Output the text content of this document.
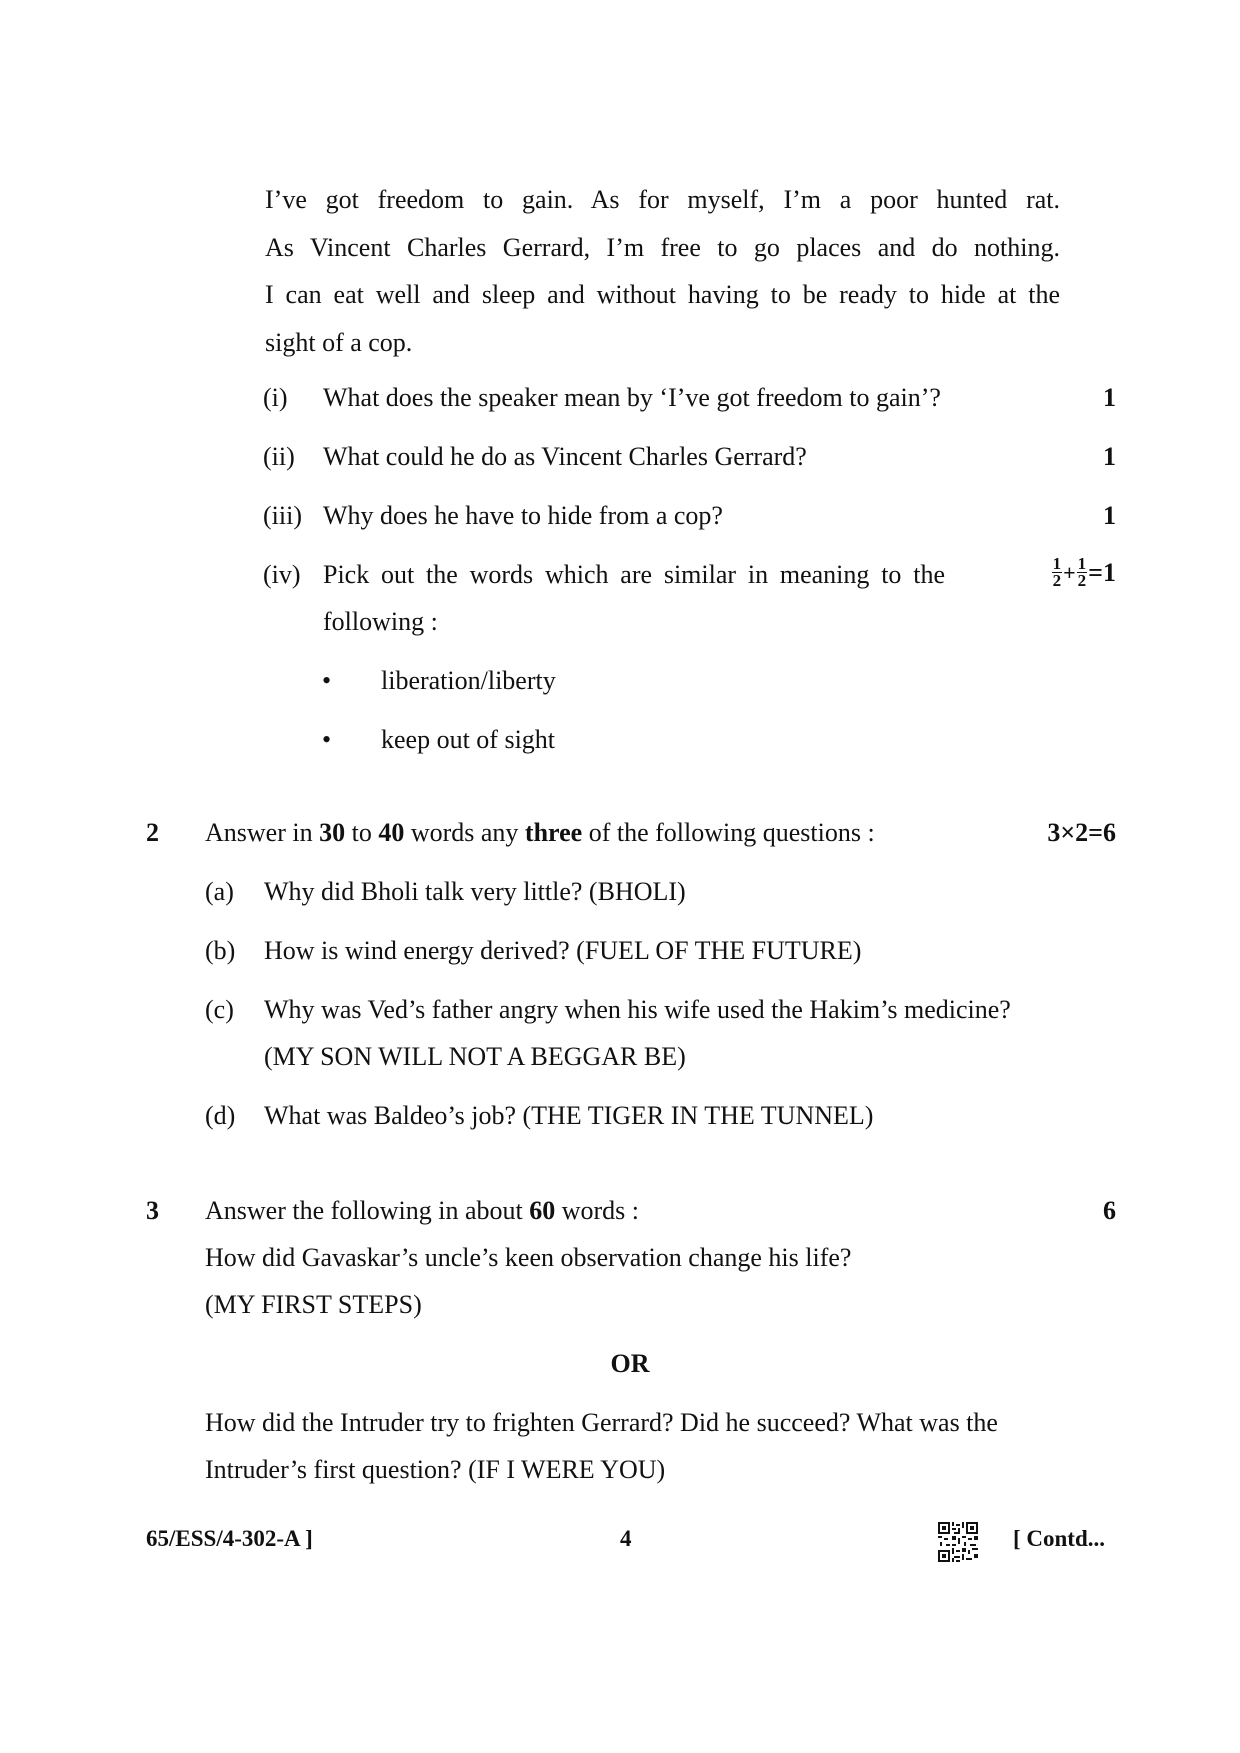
I’ve got freedom to gain. As for myself, I’m a poor hunted rat.
As Vincent Charles Gerrard, I’m free to go places and do nothing.
I can eat well and sleep and without having to be ready to hide at the
sight of a cop.
(i) What does the speaker mean by ‘I’ve got freedom to gain’?	1
(ii) What could he do as Vincent Charles Gerrard?	1
(iii) Why does he have to hide from a cop?	1
(iv) Pick out the words which are similar in meaning to the
following :
$\frac{1}{2} + \frac{1}{2} =1$
• liberation/liberty
• keep out of sight
2 Answer in 30 to 40 words any three of the following questions :	3×2=6
(a) Why did Bholi talk very little? (BHOLI)
(b) How is wind energy derived? (FUEL OF THE FUTURE)
(c) Why was Ved’s father angry when his wife used the Hakim’s medicine?
(MY SON WILL NOT A BEGGAR BE)
(d) What was Baldeo’s job? (THE TIGER IN THE TUNNEL)
3 Answer the following in about 60 words :	6
How did Gavaskar’s uncle’s keen observation change his life?
(MY FIRST STEPS)
OR
How did the Intruder try to frighten Gerrard? Did he succeed? What was the
Intruder’s first question? (IF I WERE YOU)
65/ESS/4-302-A ]	4	[ Contd...
